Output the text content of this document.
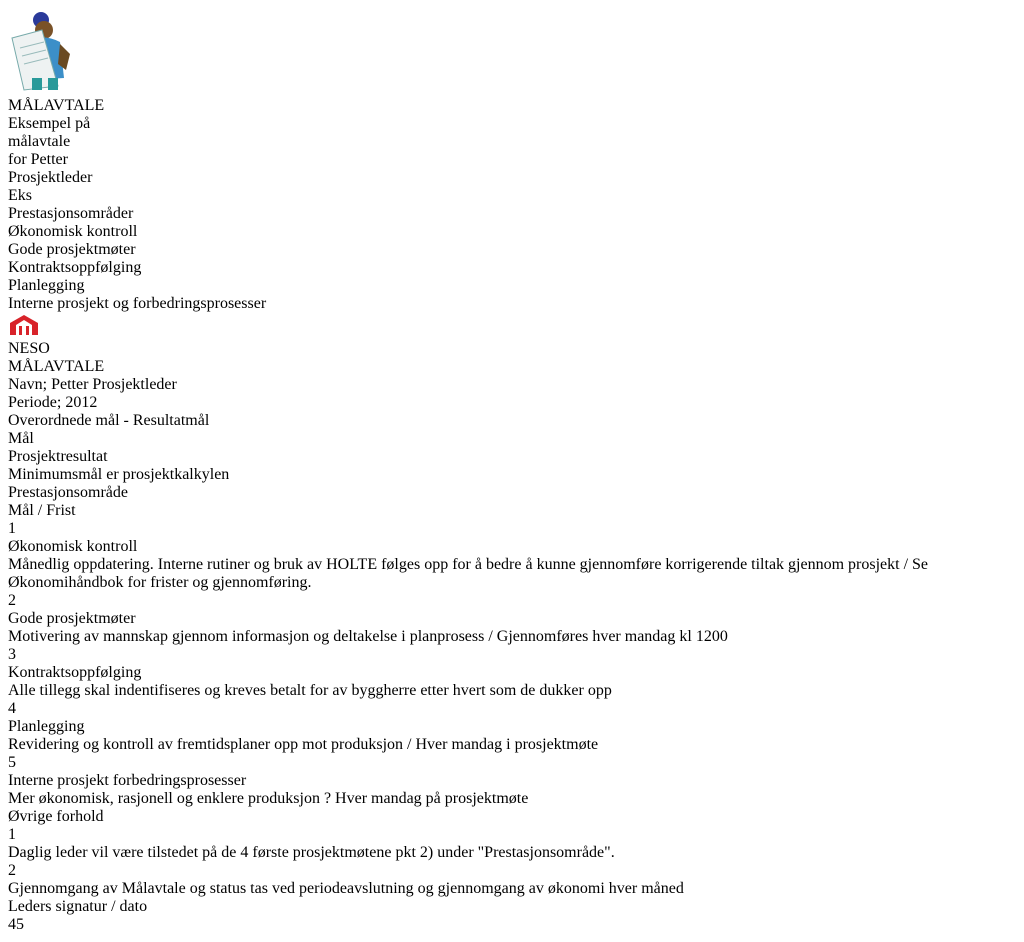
MÅLAVTALE
Eksempel på
målavtale
for Petter
Prosjektleder
Eks
Prestasjonsområder
Økonomisk kontroll
Gode prosjektmøter
Kontraktsoppfølging
Planlegging
Interne prosjekt og forbedringsprosesser
NESO
MÅLAVTALE
Navn; Petter Prosjektleder
Periode; 2012
Overordnede mål - Resultatmål
Mål
Prosjektresultat
Minimumsmål er prosjektkalkylen
Prestasjonsområde
Mål / Frist
1
Økonomisk kontroll
Månedlig oppdatering. Interne rutiner og bruk av HOLTE følges opp for å bedre å kunne gjennomføre korrigerende tiltak gjennom prosjekt / Se Økonomihåndbok for frister og gjennomføring.
2
Gode prosjektmøter
Motivering av mannskap gjennom informasjon og deltakelse i planprosess / Gjennomføres hver mandag kl 1200
3
Kontraktsoppfølging
Alle tillegg skal indentifiseres og kreves betalt for av byggherre etter hvert som de dukker opp
4
Planlegging
Revidering og kontroll av fremtidsplaner opp mot produksjon / Hver mandag i prosjektmøte
5
Interne prosjekt forbedringsprosesser
Mer økonomisk, rasjonell og enklere produksjon ? Hver mandag på prosjektmøte
Øvrige forhold
1
Daglig leder vil være tilstedet på de 4 første prosjektmøtene pkt 2) under "Prestasjonsområde".
2
Gjennomgang av Målavtale og status tas ved periodeavslutning og gjennomgang av økonomi hver måned
Leders signatur / dato
45
